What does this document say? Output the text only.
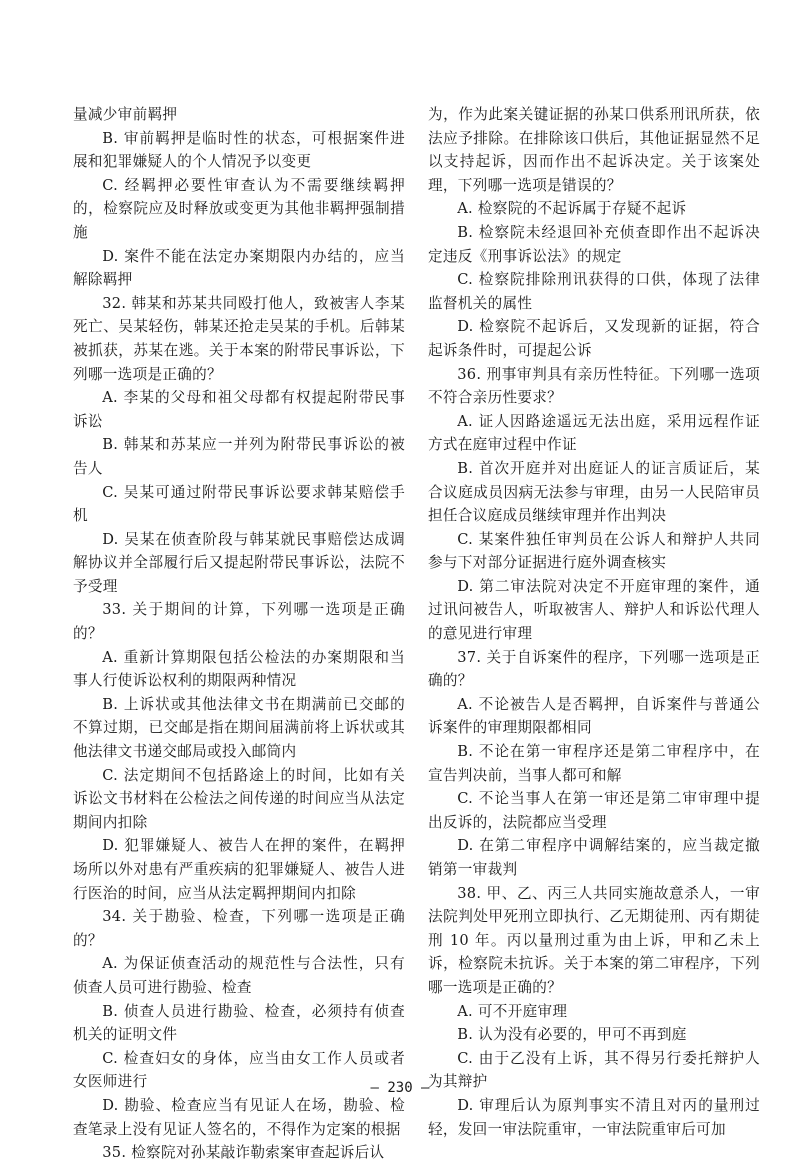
量减少审前羁押

B. 审前羁押是临时性的状态，可根据案件进展和犯罪嫌疑人的个人情况予以变更

C. 经羁押必要性审查认为不需要继续羁押的，检察院应及时释放或变更为其他非羁押强制措施

D. 案件不能在法定办案期限内办结的，应当解除羁押

32. 韩某和苏某共同殴打他人，致被害人李某死亡、吴某轻伤，韩某还抢走吴某的手机。后韩某被抓获，苏某在逃。关于本案的附带民事诉讼，下列哪一选项是正确的？

A. 李某的父母和祖父母都有权提起附带民事诉讼

B. 韩某和苏某应一并列为附带民事诉讼的被告人

C. 吴某可通过附带民事诉讼要求韩某赔偿手机

D. 吴某在侦查阶段与韩某就民事赔偿达成调解协议并全部履行后又提起附带民事诉讼，法院不予受理

33. 关于期间的计算，下列哪一选项是正确的？

A. 重新计算期限包括公检法的办案期限和当事人行使诉讼权利的期限两种情况

B. 上诉状或其他法律文书在期满前已交邮的不算过期，已交邮是指在期间届满前将上诉状或其他法律文书递交邮局或投入邮筒内

C. 法定期间不包括路途上的时间，比如有关诉讼文书材料在公检法之间传递的时间应当从法定期间内扣除

D. 犯罪嫌疑人、被告人在押的案件，在羁押场所以外对患有严重疾病的犯罪嫌疑人、被告人进行医治的时间，应当从法定羁押期间内扣除

34. 关于勘验、检查，下列哪一选项是正确的？

A. 为保证侦查活动的规范性与合法性，只有侦查人员可进行勘验、检查

B. 侦查人员进行勘验、检查，必须持有侦查机关的证明文件

C. 检查妇女的身体，应当由女工作人员或者女医师进行

D. 勘验、检查应当有见证人在场，勘验、检查笔录上没有见证人签名的，不得作为定案的根据

35. 检察院对孙某敲诈勒索案审查起诉后认

为，作为此案关键证据的孙某口供系刑讯所获，依法应予排除。在排除该口供后，其他证据显然不足以支持起诉，因而作出不起诉决定。关于该案处理，下列哪一选项是错误的？

A. 检察院的不起诉属于存疑不起诉

B. 检察院未经退回补充侦查即作出不起诉决定违反《刑事诉讼法》的规定

C. 检察院排除刑讯获得的口供，体现了法律监督机关的属性

D. 检察院不起诉后，又发现新的证据，符合起诉条件时，可提起公诉

36. 刑事审判具有亲历性特征。下列哪一选项不符合亲历性要求？

A. 证人因路途遥远无法出庭，采用远程作证方式在庭审过程中作证

B. 首次开庭并对出庭证人的证言质证后，某合议庭成员因病无法参与审理，由另一人民陪审员担任合议庭成员继续审理并作出判决

C. 某案件独任审判员在公诉人和辩护人共同参与下对部分证据进行庭外调查核实

D. 第二审法院对决定不开庭审理的案件，通过讯问被告人，听取被害人、辩护人和诉讼代理人的意见进行审理

37. 关于自诉案件的程序，下列哪一选项是正确的？

A. 不论被告人是否羁押，自诉案件与普通公诉案件的审理期限都相同

B. 不论在第一审程序还是第二审程序中，在宣告判决前，当事人都可和解

C. 不论当事人在第一审还是第二审审理中提出反诉的，法院都应当受理

D. 在第二审程序中调解结案的，应当裁定撤销第一审裁判

38. 甲、乙、丙三人共同实施故意杀人，一审法院判处甲死刑立即执行、乙无期徒刑、丙有期徒刑 10 年。丙以量刑过重为由上诉，甲和乙未上诉，检察院未抗诉。关于本案的第二审程序，下列哪一选项是正确的？

A. 可不开庭审理

B. 认为没有必要的，甲可不再到庭

C. 由于乙没有上诉，其不得另行委托辩护人为其辩护

D. 审理后认为原判事实不清且对丙的量刑过轻，发回一审法院重审，一审法院重审后可加

— 230 —
